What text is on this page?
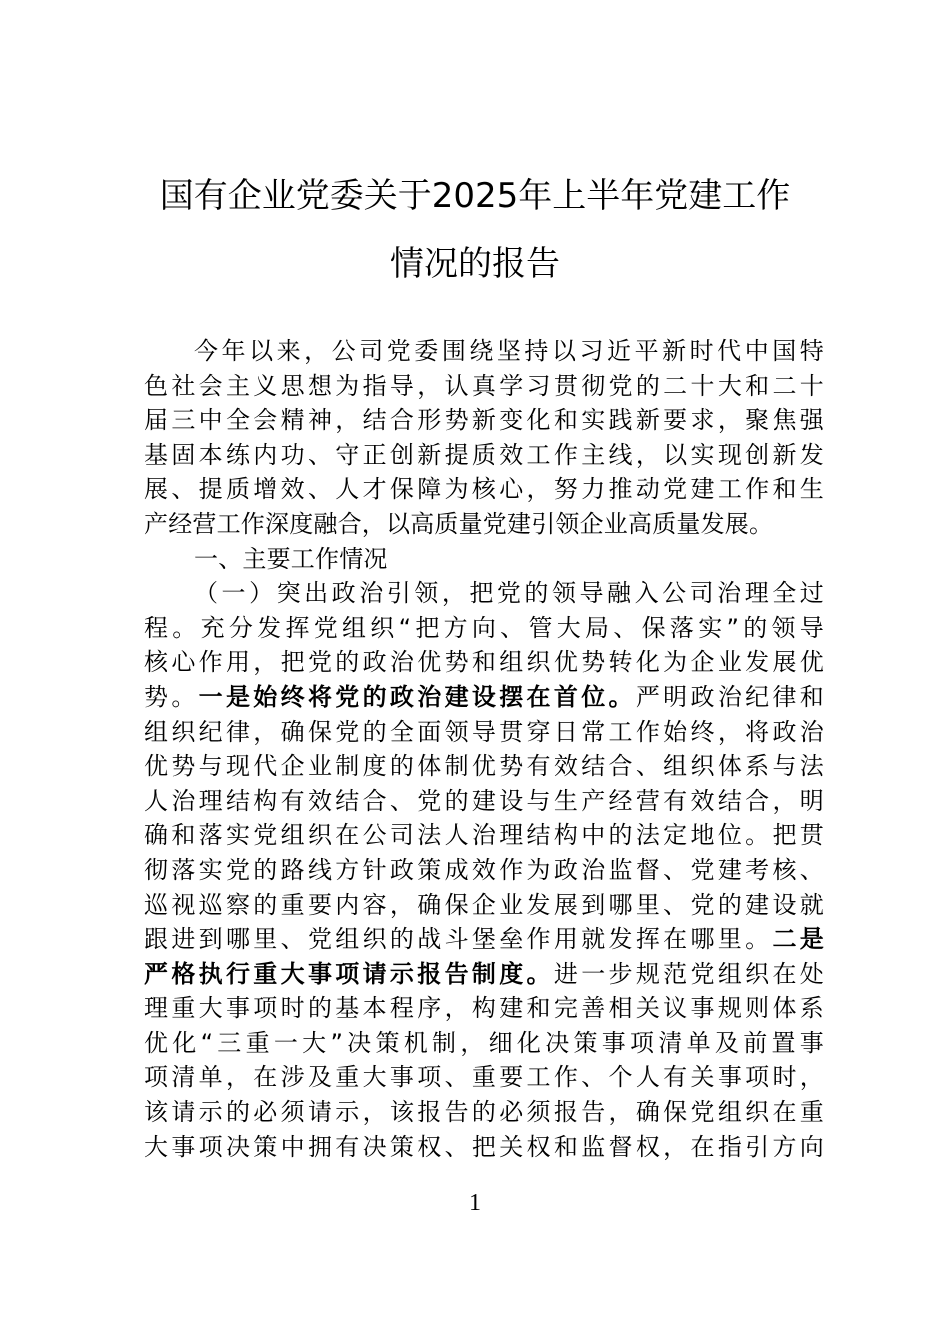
国有企业党委关于2025年上半年党建工作
情况的报告
今年以来，公司党委围绕坚持以习近平新时代中国特
色社会主义思想为指导，认真学习贯彻党的二十大和二十
届三中全会精神，结合形势新变化和实践新要求，聚焦强
基固本练内功、守正创新提质效工作主线，以实现创新发
展、提质增效、人才保障为核心，努力推动党建工作和生
产经营工作深度融合，以高质量党建引领企业高质量发展。
一、主要工作情况
（一）突出政治引领，把党的领导融入公司治理全过
程。充分发挥党组织“把方向、管大局、保落实”的领导
核心作用，把党的政治优势和组织优势转化为企业发展优
势。一是始终将党的政治建设摆在首位。严明政治纪律和
组织纪律，确保党的全面领导贯穿日常工作始终，将政治
优势与现代企业制度的体制优势有效结合、组织体系与法
人治理结构有效结合、党的建设与生产经营有效结合，明
确和落实党组织在公司法人治理结构中的法定地位。把贯
彻落实党的路线方针政策成效作为政治监督、党建考核、
巡视巡察的重要内容，确保企业发展到哪里、党的建设就
跟进到哪里、党组织的战斗堡垒作用就发挥在哪里。二是
严格执行重大事项请示报告制度。进一步规范党组织在处
理重大事项时的基本程序，构建和完善相关议事规则体系
优化“三重一大”决策机制，细化决策事项清单及前置事
项清单，在涉及重大事项、重要工作、个人有关事项时，
该请示的必须请示，该报告的必须报告，确保党组织在重
大事项决策中拥有决策权、把关权和监督权，在指引方向
1
